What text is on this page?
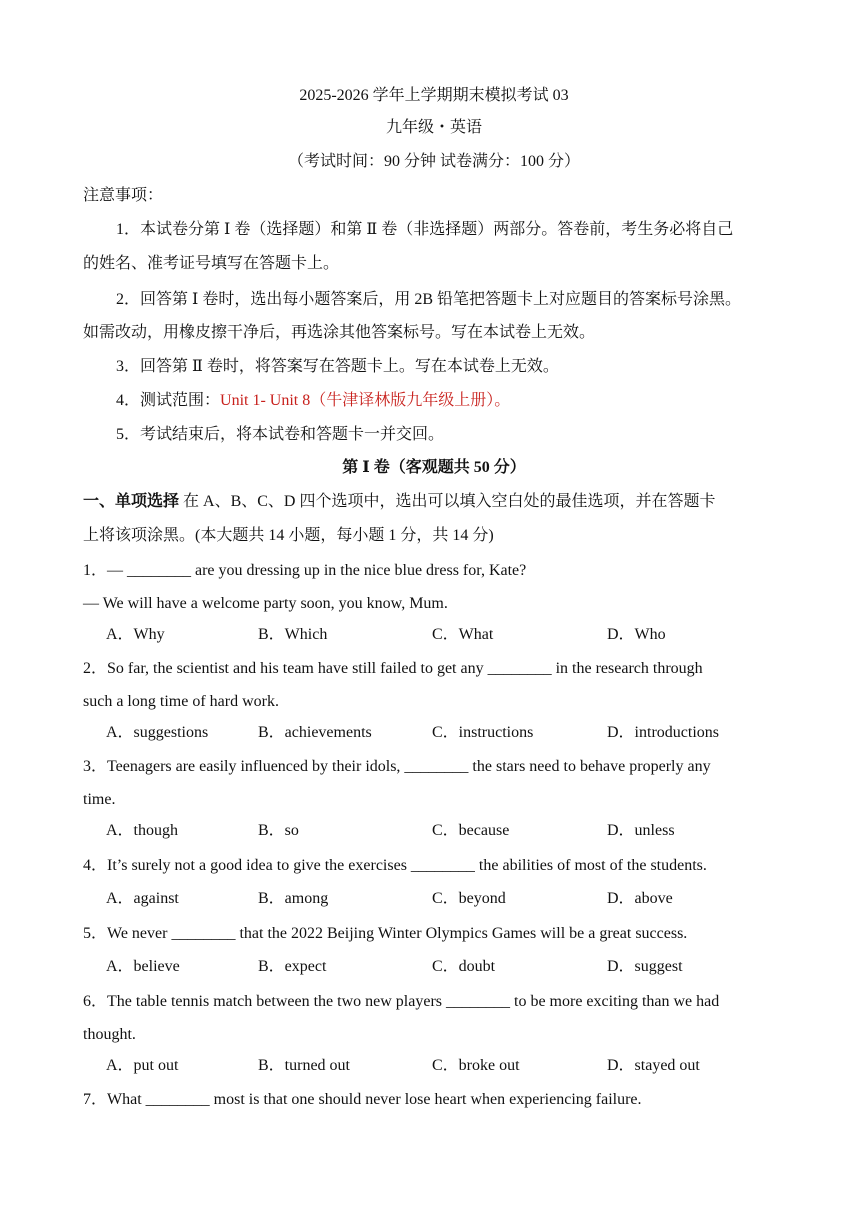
2025-2026 学年上学期期末模拟考试 03
九年级・英语
（考试时间：90 分钟 试卷满分：100 分）
注意事项：
1．本试卷分第 Ⅰ 卷（选择题）和第 Ⅱ 卷（非选择题）两部分。答卷前，考生务必将自己
的姓名、准考证号填写在答题卡上。
2．回答第 Ⅰ 卷时，选出每小题答案后，用 2B 铅笔把答题卡上对应题目的答案标号涂黑。
如需改动，用橡皮擦干净后，再选涂其他答案标号。写在本试卷上无效。
3．回答第 Ⅱ 卷时，将答案写在答题卡上。写在本试卷上无效。
4．测试范围：Unit 1- Unit 8（牛津译林版九年级上册）。
5．考试结束后，将本试卷和答题卡一并交回。
第 Ⅰ 卷（客观题共 50 分）
一、单项选择 在 A、B、C、D 四个选项中，选出可以填入空白处的最佳选项，并在答题卡
上将该项涂黑。(本大题共 14 小题，每小题 1 分，共 14 分)
1．— ________ are you dressing up in the nice blue dress for, Kate?
— We will have a welcome party soon, you know, Mum.
A．Why	B．Which	C．What	D．Who
2．So far, the scientist and his team have still failed to get any ________ in the research through
such a long time of hard work.
A．suggestions	B．achievements	C．instructions	D．introductions
3．Teenagers are easily influenced by their idols, ________ the stars need to behave properly any
time.
A．though	B．so	C．because	D．unless
4．It’s surely not a good idea to give the exercises ________ the abilities of most of the students.
A．against	B．among	C．beyond	D．above
5．We never ________ that the 2022 Beijing Winter Olympics Games will be a great success.
A．believe	B．expect	C．doubt	D．suggest
6．The table tennis match between the two new players ________ to be more exciting than we had
thought.
A．put out	B．turned out	C．broke out	D．stayed out
7．What ________ most is that one should never lose heart when experiencing failure.
